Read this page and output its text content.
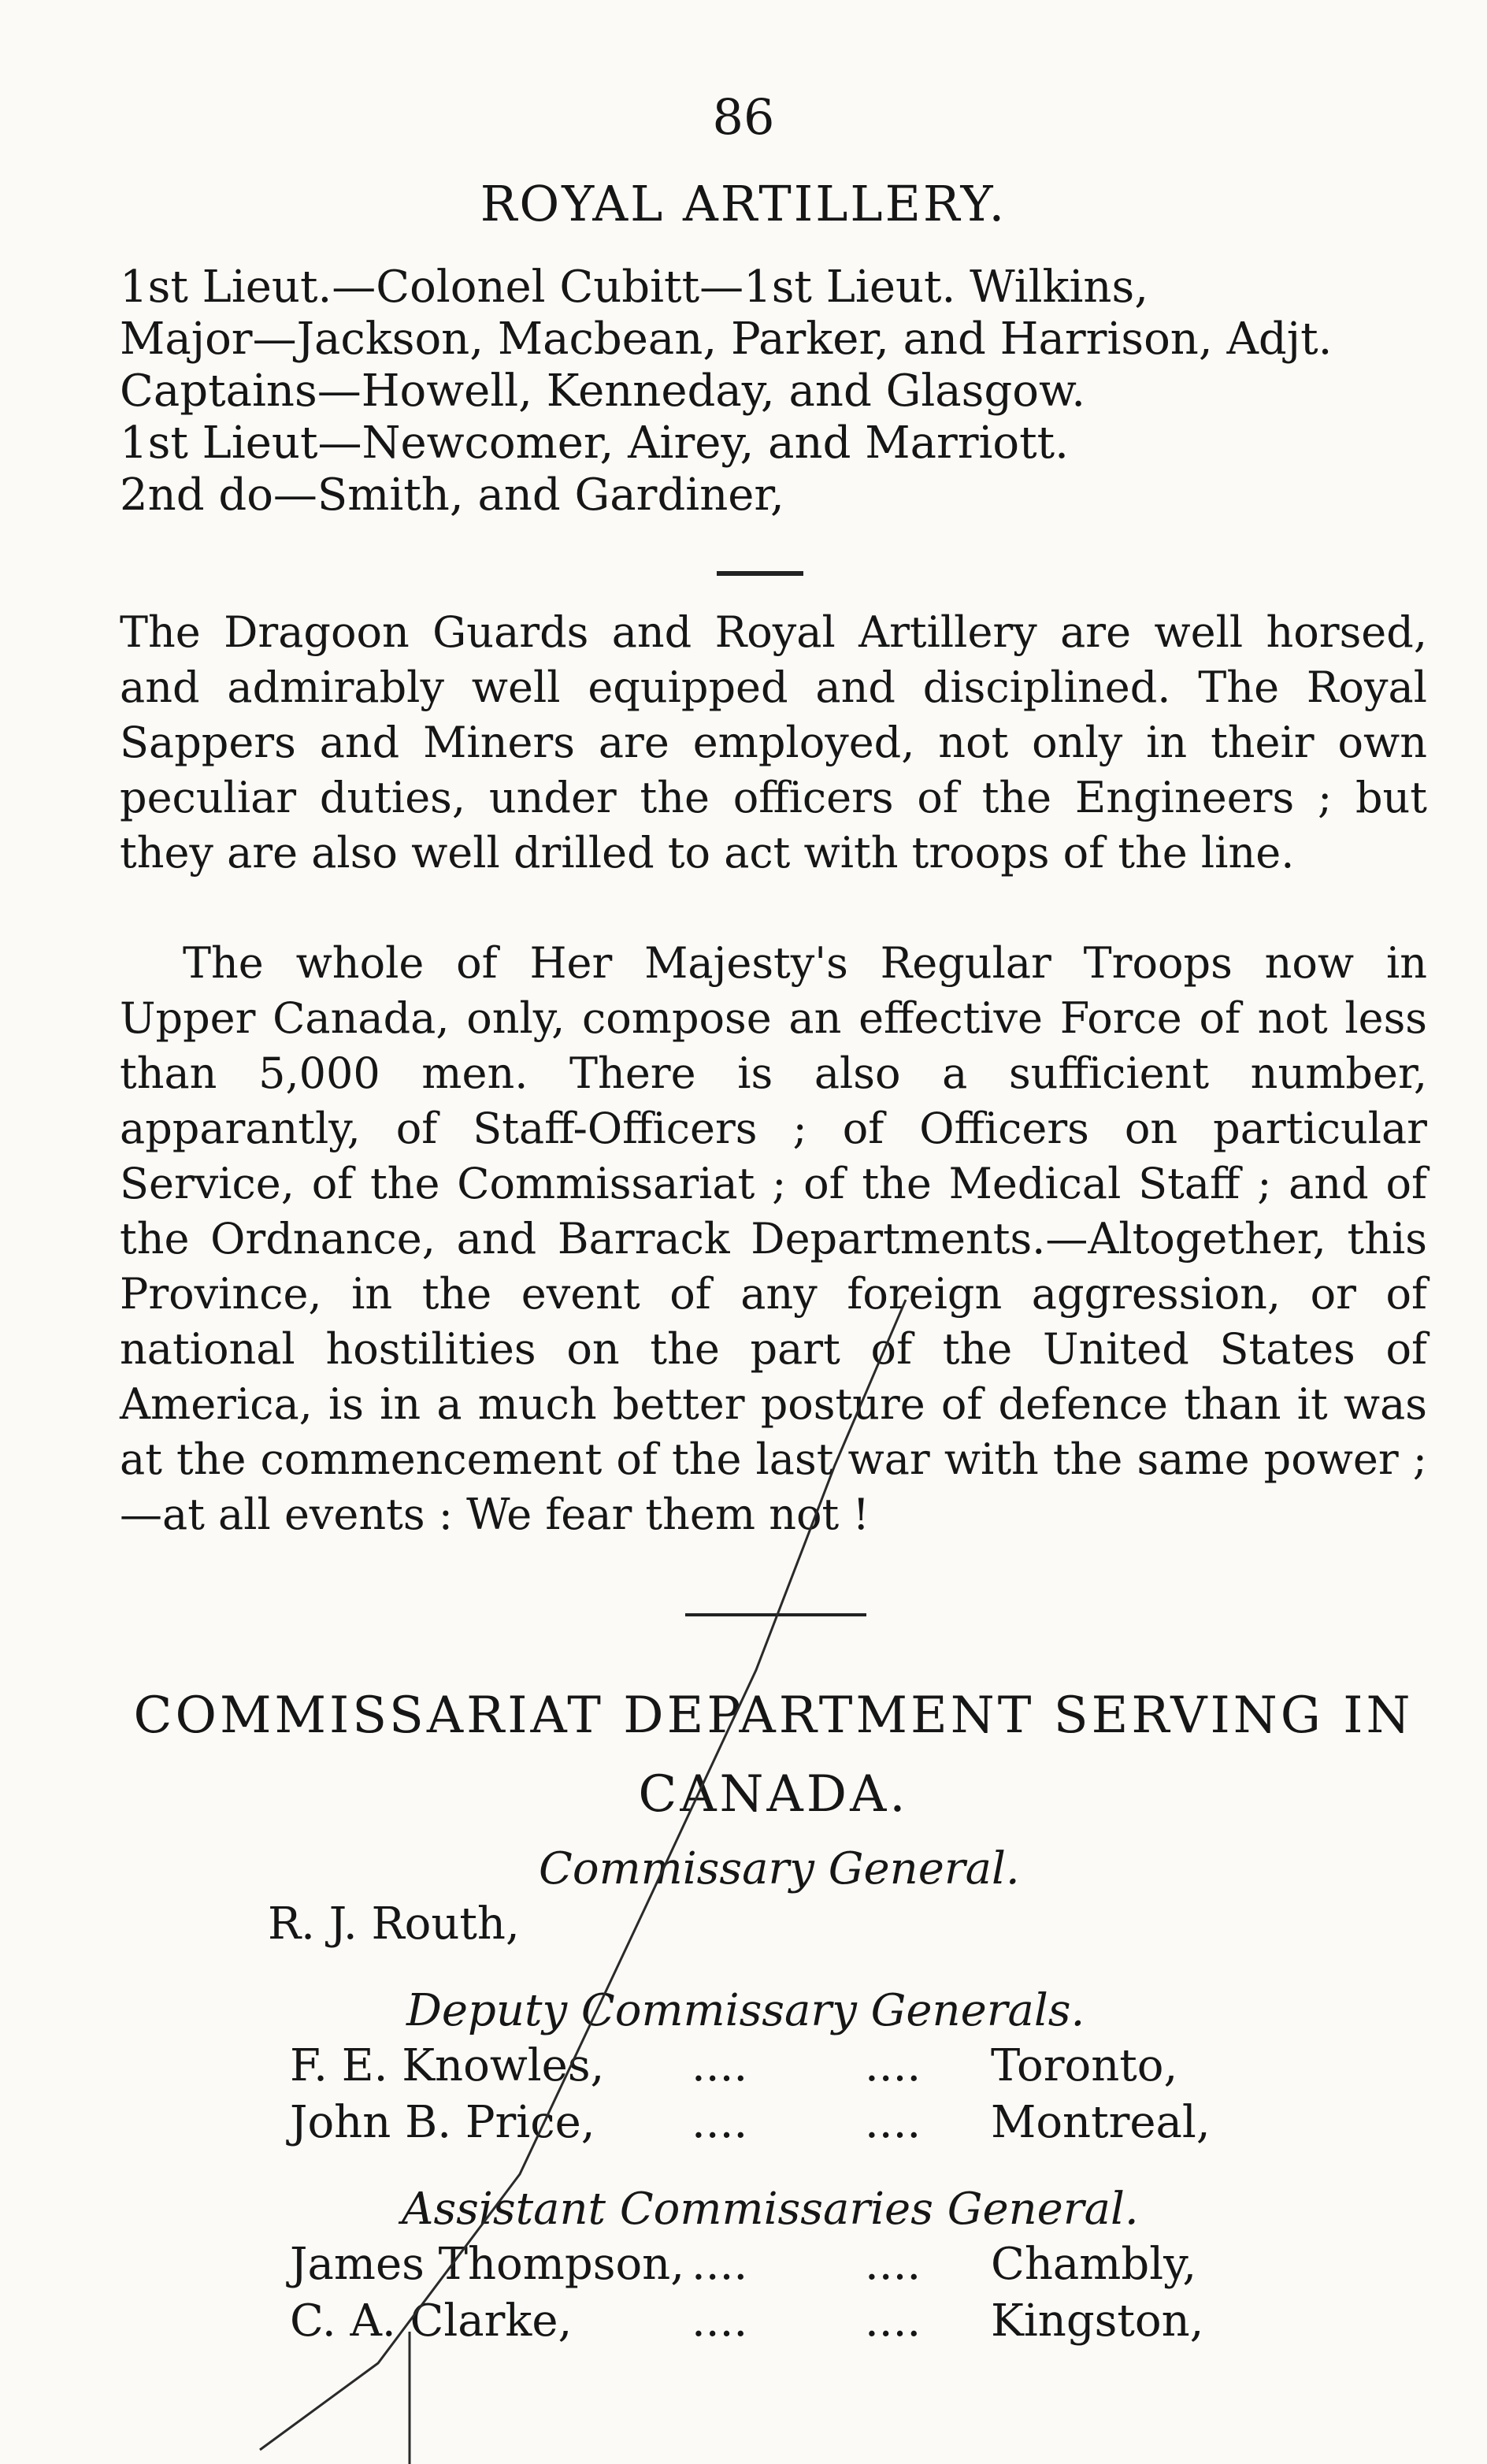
86
ROYAL ARTILLERY.
1st Lieut.—Colonel Cubitt—1st Lieut. Wilkins,
Major—Jackson, Macbean, Parker, and Harrison, Adjt.
Captains—Howell, Kenneday, and Glasgow.
1st Lieut—Newcomer, Airey, and Marriott.
2nd do—Smith, and Gardiner,
The Dragoon Guards and Royal Artillery are well horsed, and admirably well equipped and disciplined. The Royal Sappers and Miners are employed, not only in their own peculiar duties, under the officers of the Engineers ; but they are also well drilled to act with troops of the line.
The whole of Her Majesty's Regular Troops now in Upper Canada, only, compose an effective Force of not less than 5,000 men. There is also a sufficient number, apparantly, of Staff-Officers ; of Officers on particular Service, of the Commissariat ; of the Medical Staff ; and of the Ordnance, and Barrack Departments.—Altogether, this Province, in the event of any foreign aggression, or of national hostilities on the part of the United States of America, is in a much better posture of defence than it was at the commencement of the last war with the same power ;—at all events : We fear them not !
COMMISSARIAT DEPARTMENT SERVING IN CANADA.
Commissary General.
R. J. Routh,
Deputy Commissary Generals.
F. E. Knowles, ....	.... Toronto,
John B. Price, ....	.... Montreal,
Assistant Commissaries General.
James Thompson, ....	.... Chambly,
C. A. Clarke,	....	.... Kingston,
